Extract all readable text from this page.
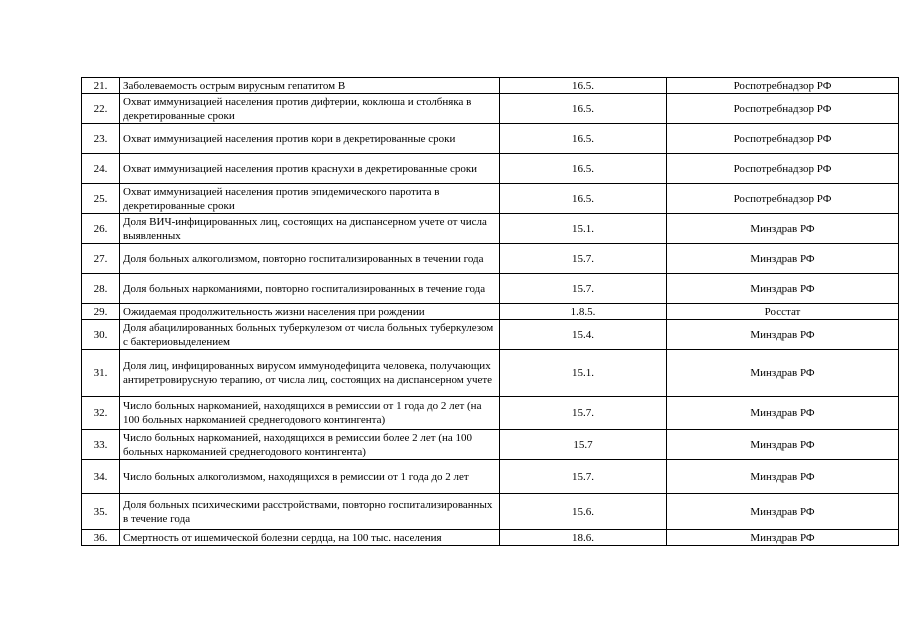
21.	Заболеваемость острым вирусным гепатитом В	16.5.	Роспотребнадзор РФ
22.	Охват иммунизацией населения против дифтерии, коклюша и столбняка в декретированные сроки	16.5.	Роспотребнадзор РФ
23.	Охват иммунизацией населения против кори в декретированные сроки	16.5.	Роспотребнадзор РФ
24.	Охват иммунизацией населения против краснухи в декретированные сроки	16.5.	Роспотребнадзор РФ
25.	Охват иммунизацией населения против эпидемического паротита в декретированные сроки	16.5.	Роспотребнадзор РФ
26.	Доля ВИЧ-инфицированных лиц, состоящих на диспансерном учете от числа выявленных	15.1.	Минздрав РФ
27.	Доля больных алкоголизмом, повторно госпитализированных в течении года	15.7.	Минздрав РФ
28.	Доля больных наркоманиями, повторно госпитализированных в течение года	15.7.	Минздрав РФ
29.	Ожидаемая продолжительность жизни населения при рождении	1.8.5.	Росстат
30.	Доля абацилированных больных туберкулезом от числа больных туберкулезом с бактериовыделением	15.4.	Минздрав РФ
31.	Доля лиц, инфицированных вирусом иммунодефицита человека, получающих антиретровирусную терапию, от числа лиц, состоящих на диспансерном учете	15.1.	Минздрав РФ
32.	Число больных наркоманией, находящихся в ремиссии от 1 года до 2 лет (на 100 больных наркоманией среднегодового контингента)	15.7.	Минздрав РФ
33.	Число больных наркоманией, находящихся в ремиссии более 2 лет (на 100 больных наркоманией среднегодового контингента)	15.7	Минздрав РФ
34.	Число больных алкоголизмом, находящихся в ремиссии от 1 года до 2 лет	15.7.	Минздрав РФ
35.	Доля больных психическими расстройствами, повторно госпитализированных в течение года	15.6.	Минздрав РФ
36.	Смертность от ишемической болезни сердца, на 100 тыс. населения	18.6.	Минздрав РФ
